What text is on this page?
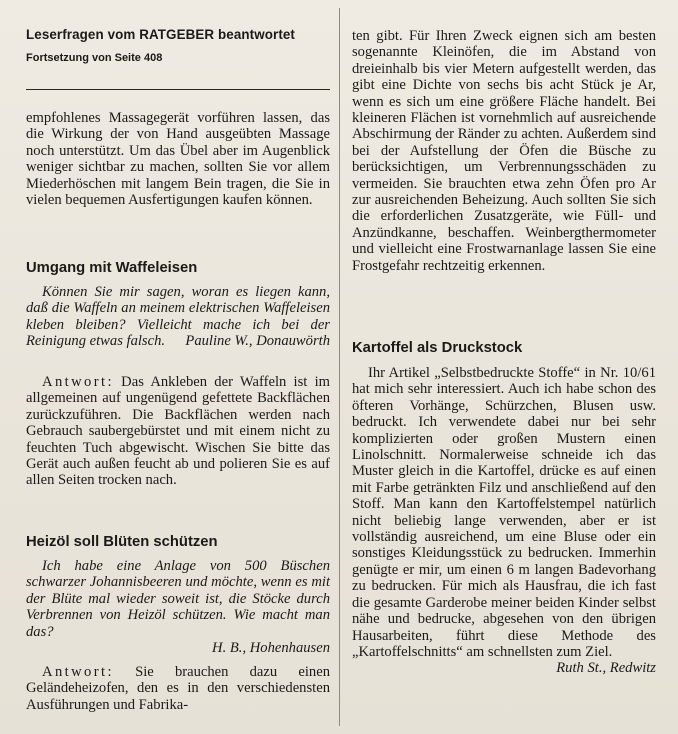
Leserfragen vom RATGEBER beantwortet
Fortsetzung von Seite 408

empfohlenes Massagegerät vorführen lassen, das die Wirkung der von Hand ausgeübten Massage noch unterstützt. Um das Übel aber im Augenblick weniger sichtbar zu machen, sollten Sie vor allem Miederhöschen mit langem Bein tragen, die Sie in vielen bequemen Ausfertigungen kaufen können.

Umgang mit Waffeleisen

Können Sie mir sagen, woran es liegen kann, daß die Waffeln an meinem elektrischen Waffeleisen kleben bleiben? Vielleicht mache ich bei der Reinigung etwas falsch.	Pauline W., Donauwörth

Antwort: Das Ankleben der Waffeln ist im allgemeinen auf ungenügend gefettete Backflächen zurückzuführen. Die Backflächen werden nach Gebrauch saubergebürstet und mit einem nicht zu feuchten Tuch abgewischt. Wischen Sie bitte das Gerät auch außen feucht ab und polieren Sie es auf allen Seiten trocken nach.

Heizöl soll Blüten schützen

Ich habe eine Anlage von 500 Büschen schwarzer Johannisbeeren und möchte, wenn es mit der Blüte mal wieder soweit ist, die Stöcke durch Verbrennen von Heizöl schützen. Wie macht man das?

H. B., Hohenhausen

Antwort: Sie brauchen dazu einen Geländeheizofen, den es in den verschiedensten Ausführungen und Fabrika-

ten gibt. Für Ihren Zweck eignen sich am besten sogenannte Kleinöfen, die im Abstand von dreieinhalb bis vier Metern aufgestellt werden, das gibt eine Dichte von sechs bis acht Stück je Ar, wenn es sich um eine größere Fläche handelt. Bei kleineren Flächen ist vornehmlich auf ausreichende Abschirmung der Ränder zu achten. Außerdem sind bei der Aufstellung der Öfen die Büsche zu berücksichtigen, um Verbrennungsschäden zu vermeiden. Sie brauchten etwa zehn Öfen pro Ar zur ausreichenden Beheizung. Auch sollten Sie sich die erforderlichen Zusatzgeräte, wie Füll- und Anzündkanne, beschaffen. Weinbergthermometer und vielleicht eine Frostwarnanlage lassen Sie eine Frostgefahr rechtzeitig erkennen.

Kartoffel als Druckstock

Ihr Artikel „Selbstbedruckte Stoffe“ in Nr. 10/61 hat mich sehr interessiert. Auch ich habe schon des öfteren Vorhänge, Schürzchen, Blusen usw. bedruckt. Ich verwendete dabei nur bei sehr komplizierten oder großen Mustern einen Linolschnitt. Normalerweise schneide ich das Muster gleich in die Kartoffel, drücke es auf einen mit Farbe getränkten Filz und anschließend auf den Stoff. Man kann den Kartoffelstempel natürlich nicht beliebig lange verwenden, aber er ist vollständig ausreichend, um eine Bluse oder ein sonstiges Kleidungsstück zu bedrucken. Immerhin genügte er mir, um einen 6 m langen Badevorhang zu bedrucken. Für mich als Hausfrau, die ich fast die gesamte Garderobe meiner beiden Kinder selbst nähe und bedrucke, abgesehen von den übrigen Hausarbeiten, führt diese Methode des „Kartoffelschnitts“ am schnellsten zum Ziel.
Ruth St., Redwitz
